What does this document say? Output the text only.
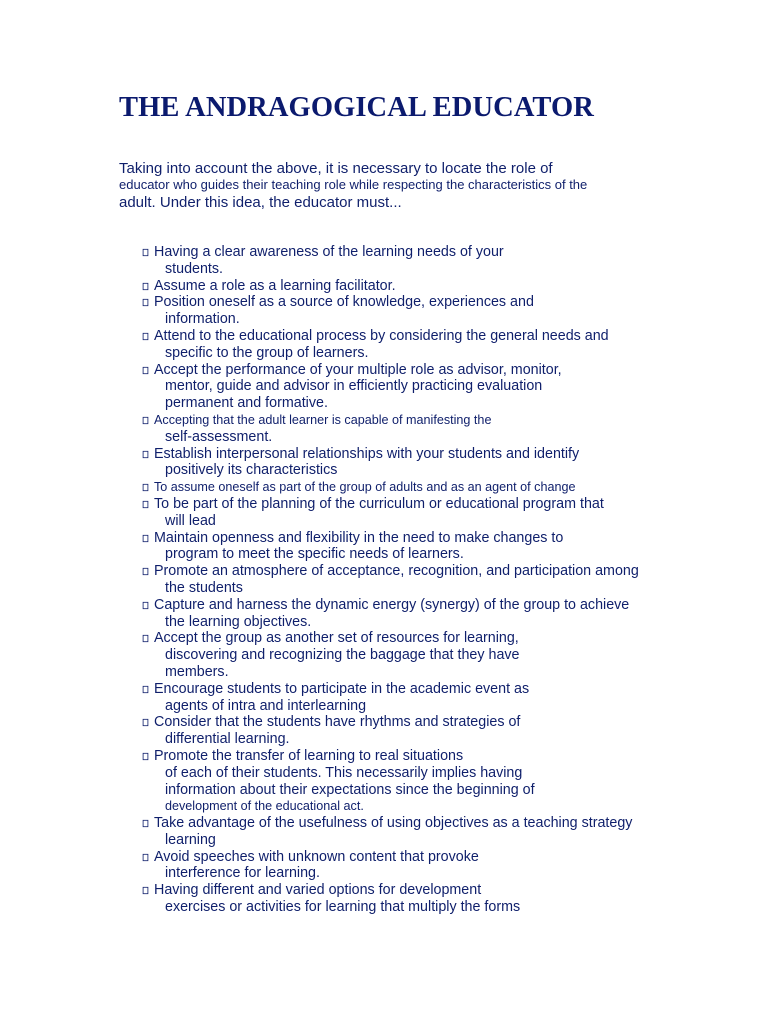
THE ANDRAGOGICAL EDUCATOR

Taking into account the above, it is necessary to locate the role of

educator who guides their teaching role while respecting the characteristics of the

adult. Under this idea, the educator must...

Having a clear awareness of the learning needs of your
students.
Assume a role as a learning facilitator.
Position oneself as a source of knowledge, experiences and
information.
Attend to the educational process by considering the general needs and
specific to the group of learners.
Accept the performance of your multiple role as advisor, monitor,
mentor, guide and advisor in efficiently practicing evaluation
permanent and formative.
Accepting that the adult learner is capable of manifesting the
self-assessment.
Establish interpersonal relationships with your students and identify
positively its characteristics
To assume oneself as part of the group of adults and as an agent of change
To be part of the planning of the curriculum or educational program that
will lead
Maintain openness and flexibility in the need to make changes to
program to meet the specific needs of learners.
Promote an atmosphere of acceptance, recognition, and participation among
the students
Capture and harness the dynamic energy (synergy) of the group to achieve
the learning objectives.
Accept the group as another set of resources for learning,
discovering and recognizing the baggage that they have
members.
Encourage students to participate in the academic event as
agents of intra and interlearning
Consider that the students have rhythms and strategies of
differential learning.
Promote the transfer of learning to real situations
of each of their students. This necessarily implies having
information about their expectations since the beginning of
development of the educational act.
Take advantage of the usefulness of using objectives as a teaching strategy
learning
Avoid speeches with unknown content that provoke
interference for learning.
Having different and varied options for development
exercises or activities for learning that multiply the forms
